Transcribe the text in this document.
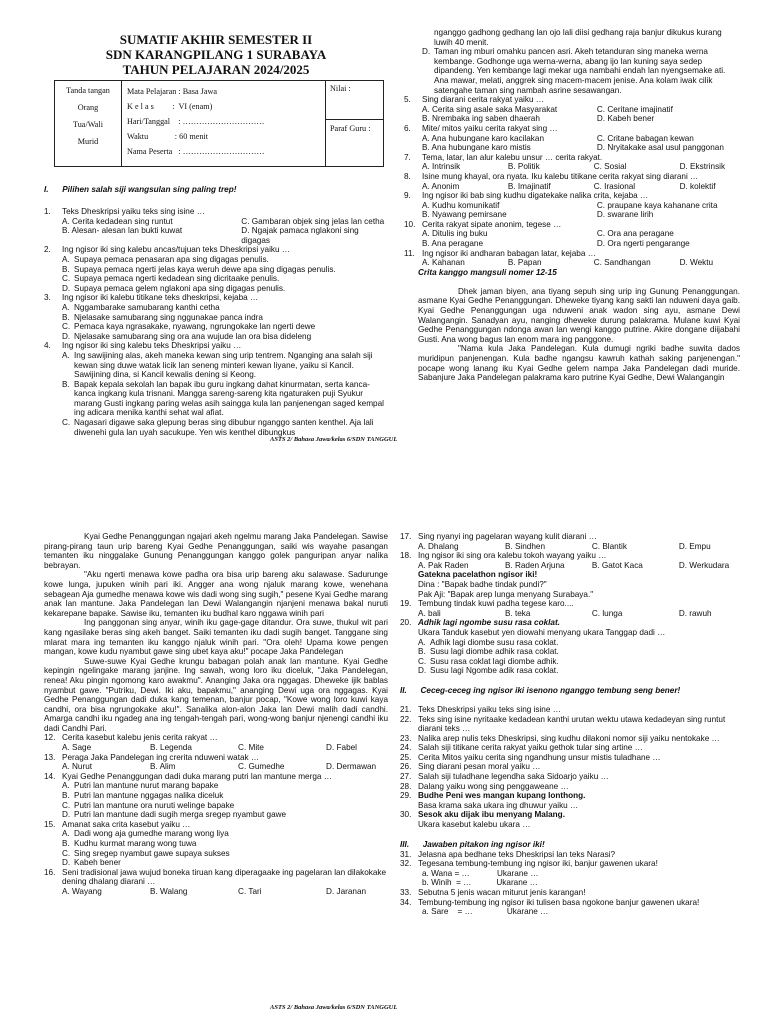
SUMATIF AKHIR SEMESTER II
SDN KARANGPILANG 1 SURABAYA
TAHUN PELAJARAN 2024/2025
Tanda tangan
Orang
Tua/Wali
Murid
Mata Pelajaran : Basa Jawa
K e l a s         :  VI (enam)
Hari/Tanggal    : …………………………
Waktu             : 60 menit
Nama Peserta   : …………………………
Nilai :
Paraf Guru :
I.      Pilihen salah siji wangsulan sing paling trep!
1. Teks Dheskripsi yaiku teks sing isine …
A. Cerita kedadean sing runtut	C. Gambaran objek sing jelas lan cetha
B. Alesan- alesan lan bukti kuwat	D. Ngajak pamaca nglakoni sing digagas
2. Ing ngisor iki sing kalebu ancas/tujuan teks Dheskripsi yaiku …
A. Supaya pemaca penasaran apa sing digagas penulis.
B. Supaya pemaca ngerti jelas kaya weruh dewe apa sing digagas penulis.
C. Supaya pemaca ngerti kedadean sing dicritaake penulis.
D. Supaya pemaca gelem nglakoni apa sing digagas penulis.
3. Ing ngisor iki kalebu titikane teks dheskripsi, kejaba …
A. Nggambarake samubarang kanthi cetha
B. Njelasake samubarang sing nggunakae panca indra
C. Pemaca kaya ngrasakake, nyawang, ngrungokake lan ngerti dewe
D. Njelasake samubarang sing ora ana wujude lan ora bisa dideleng
4. Ing ngisor iki sing kalebu teks Dheskripsi yaiku …
A. Ing sawijining alas, akeh maneka kewan sing urip tentrem. Nganging ana salah siji kewan sing duwe watak licik lan seneng minteri kewan liyane, yaiku si Kancil. Sawijining dina, si Kancil kewalis dening si Keong.
B. Bapak kepala sekolah lan bapak ibu guru ingkang dahat kinurmatan, serta kanca-kanca ingkang kula trisnani. Mangga sareng-sareng kita ngaturaken puji Syukur marang Gusti ingkang paring welas asih saingga kula lan panjenengan saged kempal ing adicara menika kanthi sehat wal afiat.
C. Nagasari digawe saka glepung beras sing dibubur nganggo santen kenthel. Aja lali diwenehi gula lan uyah sacukupe. Yen wis kenthel dibungkus
nganggo gadhong gedhang lan ojo lali diisi gedhang raja banjur dikukus kurang luwih 40 menit.
D. Taman ing mburi omahku pancen asri. Akeh tetanduran sing maneka werna kembange. Godhonge uga werna-werna, abang ijo lan kuning saya sedep dipandeng. Yen kembange lagi mekar uga nambahi endah lan nyengsemake ati. Ana mawar, melati, anggrek sing macem-macem jenise. Ana kolam iwak cilik satengahe taman sing nambah asrine sesawangan.
5. Sing diarani cerita rakyat yaiku …
A. Cerita sing asale saka Masyarakat	C. Ceritane imajinatif
B. Nrembaka ing saben dhaerah	D. Kabeh bener
6. Mite/ mitos yaiku cerita rakyat sing …
A. Ana hubungane karo kacilakan	C. Critane babagan kewan
B. Ana hubungane karo mistis	D. Nryitakake asal usul panggonan
7. Tema, latar, lan alur kalebu unsur … cerita rakyat.
A. Intrinsik	B. Politik	C. Sosial	D. Ekstrinsik
8. Isine mung khayal, ora nyata. Iku kalebu titikane cerita rakyat sing diarani …
A. Anonim	B. Imajinatif	C. Irasional	D. kolektif
9. Ing ngisor iki bab sing kudhu digatekake nalika crita, kejaba …
A. Kudhu komunikatif	C. praupane kaya kahanane crita
B. Nyawang pemirsane	D. swarane lirih
10. Cerita rakyat sipate anonim, tegese …
A. Ditulis ing buku	C. Ora ana peragane
B. Ana peragane	D. Ora ngerti pengarange
11. Ing ngisor iki andharan babagan latar, kejaba …
A. Kahanan	B. Papan	C. Sandhangan	D. Wektu
Crita kanggo mangsuli nomer 12-15

Dhek jaman biyen, ana tiyang sepuh sing urip ing Gunung Penanggungan. asmane Kyai Gedhe Penanggungan. Dheweke tiyang kang sakti lan nduweni daya gaib. Kyai Gedhe Penanggungan uga nduweni anak wadon sing ayu, asmane Dewi Walangangin. Sanadyan ayu, nanging dheweke durung palakrama. Mulane kuwi Kyai Gedhe Penanggungan ndonga awan lan wengi kanggo putrine. Akire dongane diijabahi Gusti. Ana wong bagus lan enom mara ing panggone.

"Nama kula Jaka Pandelegan. Kula dumugi ngriki badhe suwita dados muridipun panjenengan. Kula badhe ngangsu kawruh kathah saking panjenengan." pocape wong lanang iku Kyai Gedhe gelem nampa Jaka Pandelegan dadi muride. Sabanjure Jaka Pandelegan palakrama karo putrine Kyai Gedhe, Dewi Walangangin

ASTS 2/ Bahasa Jawa/kelas 6/SDN TANGGUL

Kyai Gedhe Penanggungan ngajari akeh ngelmu marang Jaka Pandelegan. Sawise pirang-pirang taun urip bareng Kyai Gedhe Penanggungan, saiki wis wayahe pasangan temanten iku ninggalake Gunung Penanggungan kanggo golek panguripan anyar nalika bebrayan.

"Aku ngerti menawa kowe padha ora bisa urip bareng aku salawase. Sadurunge kowe lunga, jupuken winih pari iki. Angger ana wong njaluk marang kowe, wenehana sebagean Aja gumedhe menawa kowe wis dadi wong sing sugih," pesene Kyai Gedhe marang anak lan mantune. Jaka Pandelegan lan Dewi Walangangin njanjeni menawa bakal nuruti kekarepane bapake. Sawise iku, temanten iku budhal karo nggawa winih pari

Ing panggonan sing anyar, winih iku gage-gage ditandur. Ora suwe, thukul wit pari kang ngasilake beras sing akeh banget. Saiki temanten iku dadi sugih banget. Tanggane sing mlarat mara ing temanten iku kanggo njaluk winih pari. "Ora oleh! Upama kowe pengen mangan, kowe kudu nyambut gawe sing ubet kaya aku!" pocape Jaka Pandelegan

Suwe-suwe Kyai Gedhe krungu babagan polah anak lan mantune. Kyai Gedhe kepingin ngelingake marang janjine. Ing sawah, wong loro iku diceluk, "Jaka Pandelegan, renea! Aku pingin ngomong karo awakmu". Ananging Jaka ora nggagas. Dheweke ijik bablas nyambut gawe. "Putriku, Dewi. Iki aku, bapakmu," ananging Dewi uga ora nggagas. Kyai Gedhe Penanggungan dadi duka kang temenan, banjur pocap, "Kowe wong loro kuwi kaya candhi, ora bisa ngrungokake aku!". Sanalika alon-alon Jaka lan Dewi malih dadi candhi. Amarga candhi iku ngadeg ana ing tengah-tengah pari, wong-wong banjur njenengi candhi iku dadi Candhi Pari.

12. Cerita kasebut kalebu jenis cerita rakyat …
A. Sage	B. Legenda	C. Mite	D. Fabel
13. Peraga Jaka Pandelegan ing crerita nduweni watak …
A. Nurut	B. Alim	C. Gumedhe	D. Dermawan
14. Kyai Gedhe Penanggungan dadi duka marang putri lan mantune merga …
A. Putri lan mantune nurut marang bapake
B. Putri lan mantune nggagas nalika diceluk
C. Putri lan mantune ora nuruti welinge bapake
D. Putri lan mantune dadi sugih merga sregep nyambut gawe
15. Amanat saka crita kasebut yaiku …
A. Dadi wong aja gumedhe marang wong liya
B. Kudhu kurmat marang wong tuwa
C. Sing sregep nyambut gawe supaya sukses
D. Kabeh bener
16. Seni tradisional jawa wujud boneka tiruan kang diperagaake ing pagelaran lan dilakokake dening dhalang diarani …
A. Wayang	B. Walang	C. Tari	D. Jaranan
17. Sing nyanyi ing pagelaran wayang kulit diarani …
A. Dhalang	B. Sindhen	C. Blantik	D. Empu
18. Ing ngisor iki sing ora kalebu tokoh wayang yaiku …
A. Pak Raden	B. Raden Arjuna	B. Gatot Kaca	D. Werkudara
Gatekna pacelathon ngisor iki!
Dina : "Bapak badhe tindak pundi?"
Pak Aji: "Bapak arep lunga menyang Surabaya."
19. Tembung tindak kuwi padha tegese karo....
A. bali	B. teka	C. lunga	D. rawuh
20. Adhik lagi ngombe susu rasa coklat.
Ukara Tanduk kasebut yen diowahi menyang ukara Tanggap dadi …
A. Adhik lagi diombe susu rasa coklat.
B. Susu lagi diombe adhik rasa coklat.
C. Susu rasa coklat lagi diombe adhik.
D. Susu lagi Ngombe adik rasa coklat.
II.      Ceceg-ceceg ing ngisor iki isenono nganggo tembung seng bener!
21. Teks Dheskripsi yaiku teks sing isine …
22. Teks sing isine nyritaake kedadean kanthi urutan wektu utawa kedadeyan sing runtut diarani teks …
23. Nalika arep nulis teks Dheskripsi, sing kudhu dilakoni nomor siji yaiku nentokake …
24. Salah siji titikane cerita rakyat yaiku gethok tular sing artine …
25. Cerita Mitos yaiku cerita sing ngandhung unsur mistis tuladhane …
26. Sing diarani pesan moral yaiku …
27. Salah siji tuladhane legendha saka Sidoarjo yaiku …
28. Dalang yaiku wong sing penggaweane …
29. Budhe Peni wes mangan kupang lonthong.
Basa krama saka ukara ing dhuwur yaiku …
30. Sesok aku dijak ibu menyang Malang.
Ukara kasebut kalebu ukara …
III.      Jawaben pitakon ing ngisor iki!
31. Jelasna apa bedhane teks Dheskripsi lan teks Narasi?
32. Tegesana tembung-tembung ing ngisor iki, banjur gawenen ukara!
a. Wana = …            Ukarane …
b. Winih  = …           Ukarane …
33. Sebutna 5 jenis wacan miturut jenis karangan!
34. Tembung-tembung ing ngisor iki tulisen basa ngokone banjur gawenen ukara!
a. Sare    = …               Ukarane …
ASTS 2/ Bahasa Jawa/kelas 6/SDN TANGGUL
